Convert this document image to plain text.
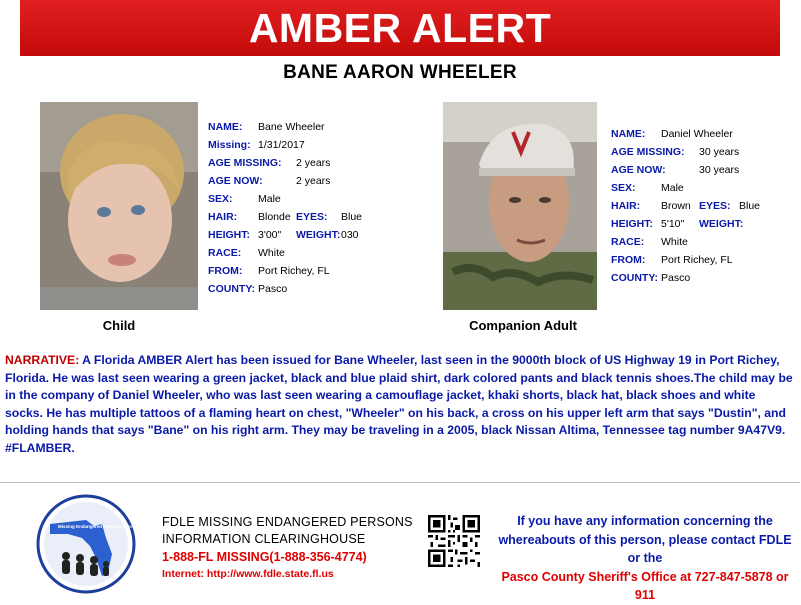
AMBER ALERT
BANE AARON WHEELER
Child
NAME:	Bane Wheeler
Missing: 1/31/2017
AGE MISSING:	2 years
AGE NOW:	2 years
SEX:	Male
HAIR:	Blonde EYES:	Blue
HEIGHT: 3'00"	WEIGHT: 030
RACE:	White
FROM:	Port Richey, FL
COUNTY: Pasco
Companion Adult
NAME:	Daniel Wheeler
AGE MISSING:	30 years
AGE NOW:	30 years
SEX:	Male
HAIR:	Brown EYES: Blue
HEIGHT: 5'10"	WEIGHT:
RACE:	White
FROM:	Port Richey, FL
COUNTY: Pasco
NARRATIVE: A Florida AMBER Alert has been issued for Bane Wheeler, last seen in the 9000th block of US Highway 19 in Port Richey, Florida. He was last seen wearing a green jacket, black and blue plaid shirt, dark colored pants and black tennis shoes.The child may be in the company of Daniel Wheeler, who was last seen wearing a camouflage jacket, khaki shorts, black hat, black shoes and white socks. He has multiple tattoos of a flaming heart on chest, "Wheeler" on his back, a cross on his upper left arm that says "Dustin", and holding hands that says "Bane" on his right arm. They may be traveling in a 2005, black Nissan Altima, Tennessee tag number 9A47V9. #FLAMBER.
Missing Endangered Persons Information Clearinghouse
FDLE MISSING ENDANGERED PERSONS
INFORMATION CLEARINGHOUSE
1-888-FL MISSING(1-888-356-4774)
Internet: http://www.fdle.state.fl.us
If you have any information concerning the
whereabouts of this person, please contact FDLE
or the
Pasco County Sheriff's Office at 727-847-5878 or
911
